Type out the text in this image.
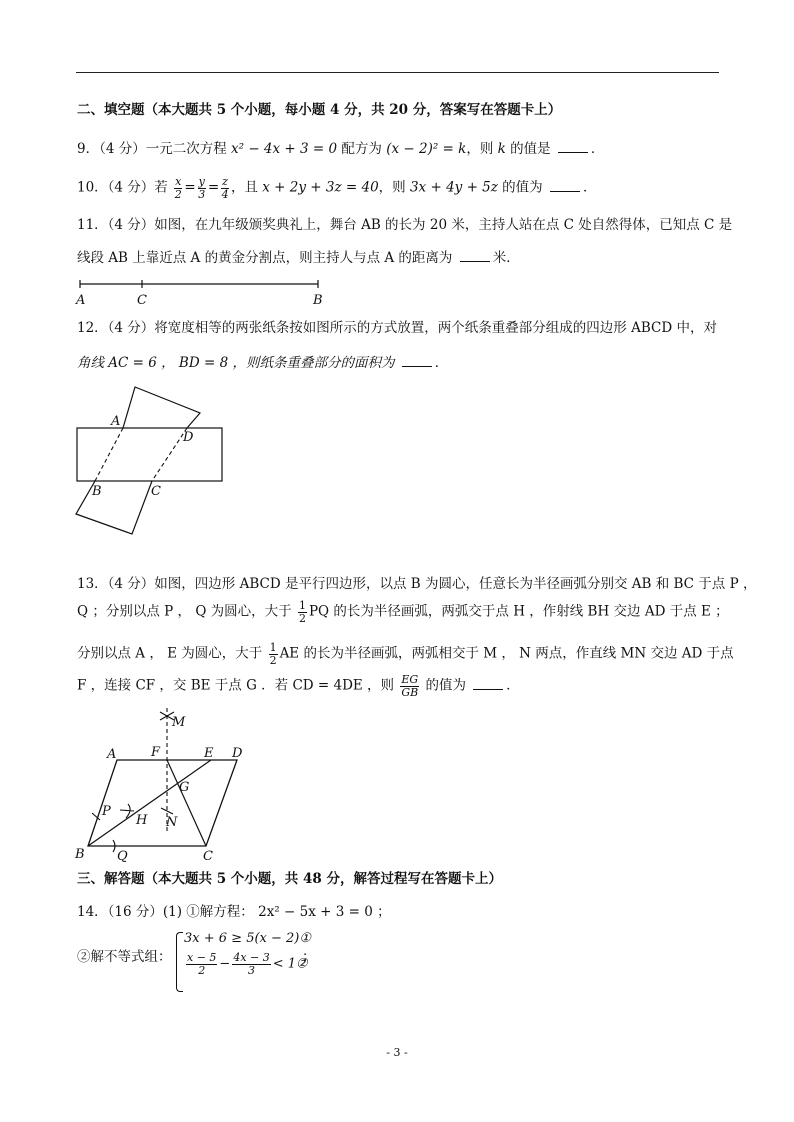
二、填空题（本大题共 5 个小题，每小题 4 分，共 20 分，答案写在答题卡上）
9．（4 分）一元二次方程 x² − 4x + 3 = 0 配方为 (x − 2)² = k，则 k 的值是	．
10．（4 分）若 $\frac{x}{2} = \frac{y}{3} = \frac{z}{4}$ ，且 x + 2y + 3z = 40，则 3x + 4y + 5z 的值为	．
11．（4 分）如图，在九年级颁奖典礼上，舞台 AB 的长为 20 米，主持人站在点 C 处自然得体，已知点 C 是
线段 AB 上靠近点 A 的黄金分割点，则主持人与点 A 的距离为	米．
A	C	B
12．（4 分）将宽度相等的两张纸条按如图所示的方式放置，两个纸条重叠部分组成的四边形 ABCD 中，对
角线 AC = 6 ， BD = 8 ，则纸条重叠部分的面积为	．
A
D
B	C
13．（4 分）如图，四边形 ABCD 是平行四边形，以点 B 为圆心，任意长为半径画弧分别交 AB 和 BC 于点 P ，
Q ；分别以点 P ， Q 为圆心，大于 $\frac{1}{2}$ PQ 的长为半径画弧，两弧交于点 H ，作射线 BH 交边 AD 于点 E ；
分别以点 A ， E 为圆心，大于 $\frac{1}{2}$ AE 的长为半径画弧，两弧相交于 M ， N 两点，作直线 MN 交边 AD 于点
F ，连接 CF ，交 BE 于点 G ．若 CD = 4DE ，则 $\frac{EG}{GB}$ 的值为	．
M
A	F	E D
G
P
H N
B Q	C
三、解答题（本大题共 5 个小题，共 48 分，解答过程写在答题卡上）
14．（16 分）(1) ①解方程： 2x² − 5x + 3 = 0 ；
②解不等式组：
3x + 6 ≥ 5(x − 2)①
$\frac{x - 5}{2} - \frac{4x - 3}{3}$ < 1②
；
- 3 -
